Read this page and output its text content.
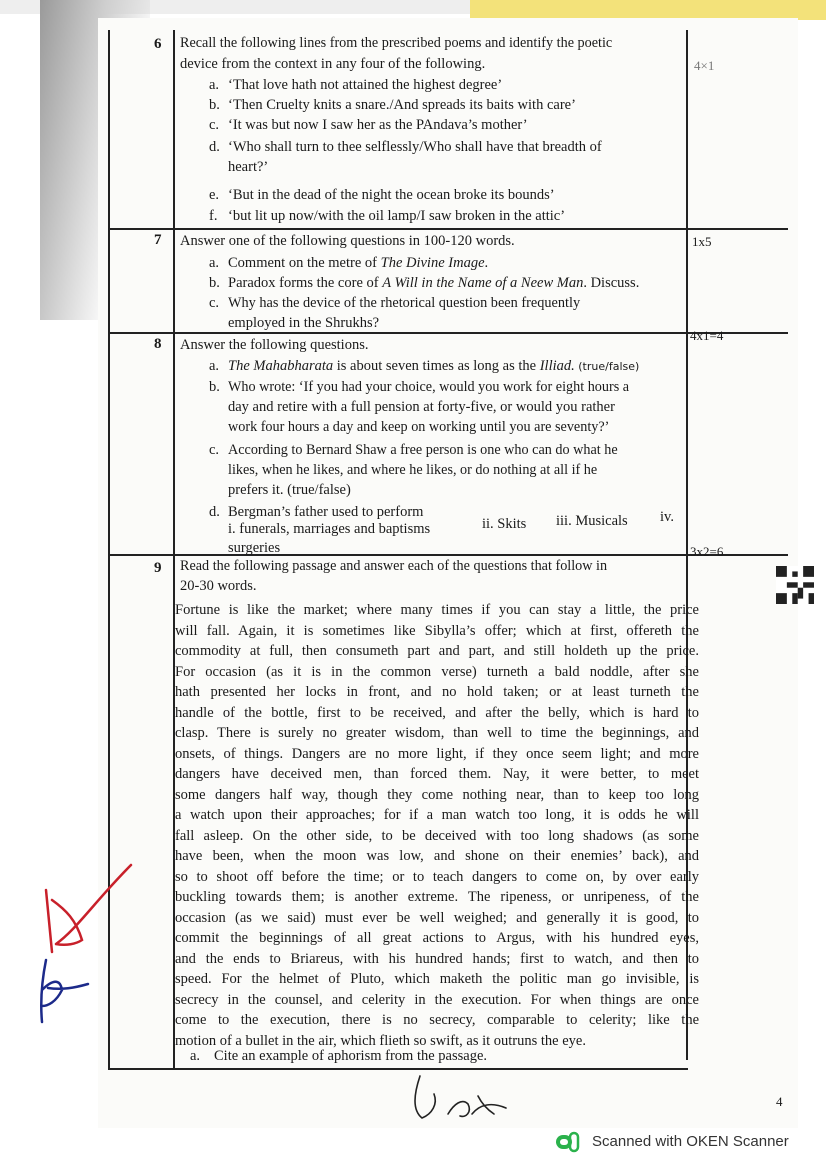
6
4×1
Recall the following lines from the prescribed poems and identify the poetic
device from the context in any four of the following.
a. ‘That love hath not attained the highest degree’
b. ‘Then Cruelty knits a snare./And spreads its baits with care’
c. ‘It was but now I saw her as the PAndava’s mother’
d. ‘Who shall turn to thee selflessly/Who shall have that breadth of
heart?’
e. ‘But in the dead of the night the ocean broke its bounds’
f. ‘but lit up now/with the oil lamp/I saw broken in the attic’
7	1x5
Answer one of the following questions in 100-120 words.
a. Comment on the metre of The Divine Image.
b. Paradox forms the core of A Will in the Name of a Neew Man. Discuss.
c. Why has the device of the rhetorical question been frequently
employed in the Shrukhs?
8
4x1=4
Answer the following questions.
a. The Mahabharata is about seven times as long as the Illiad. (true/false)
b. Who wrote: ‘If you had your choice, would you work for eight hours a
day and retire with a full pension at forty-five, or would you rather
work four hours a day and keep on working until you are seventy?’
c. According to Bernard Shaw a free person is one who can do what he
likes, when he likes, and where he likes, or do nothing at all if he
prefers it. (true/false)
d. Bergman’s father used to perform
i. funerals, marriages and baptisms	ii. Skits iii. Musicals iv.
surgeries
9
3x2=6
Read the following passage and answer each of the questions that follow in
20-30 words.
Fortune is like the market; where many times if you can stay a little, the price
will fall. Again, it is sometimes like Sibylla’s offer; which at first, offereth the
commodity at full, then consumeth part and part, and still holdeth up the price.
For occasion (as it is in the common verse) turneth a bald noddle, after she
hath presented her locks in front, and no hold taken; or at least turneth the
handle of the bottle, first to be received, and after the belly, which is hard to
clasp. There is surely no greater wisdom, than well to time the beginnings, and
onsets, of things. Dangers are no more light, if they once seem light; and more
dangers have deceived men, than forced them. Nay, it were better, to meet
some dangers half way, though they come nothing near, than to keep too long
a watch upon their approaches; for if a man watch too long, it is odds he will
fall asleep. On the other side, to be deceived with too long shadows (as some
have been, when the moon was low, and shone on their enemies’ back), and
so to shoot off before the time; or to teach dangers to come on, by over early
buckling towards them; is another extreme. The ripeness, or unripeness, of the
occasion (as we said) must ever be well weighed; and generally it is good, to
commit the beginnings of all great actions to Argus, with his hundred eyes,
and the ends to Briareus, with his hundred hands; first to watch, and then to
speed. For the helmet of Pluto, which maketh the politic man go invisible, is
secrecy in the counsel, and celerity in the execution. For when things are once
come to the execution, there is no secrecy, comparable to celerity; like the
motion of a bullet in the air, which flieth so swift, as it outruns the eye.
a. Cite an example of aphorism from the passage.
4
Scanned with OKEN Scanner
